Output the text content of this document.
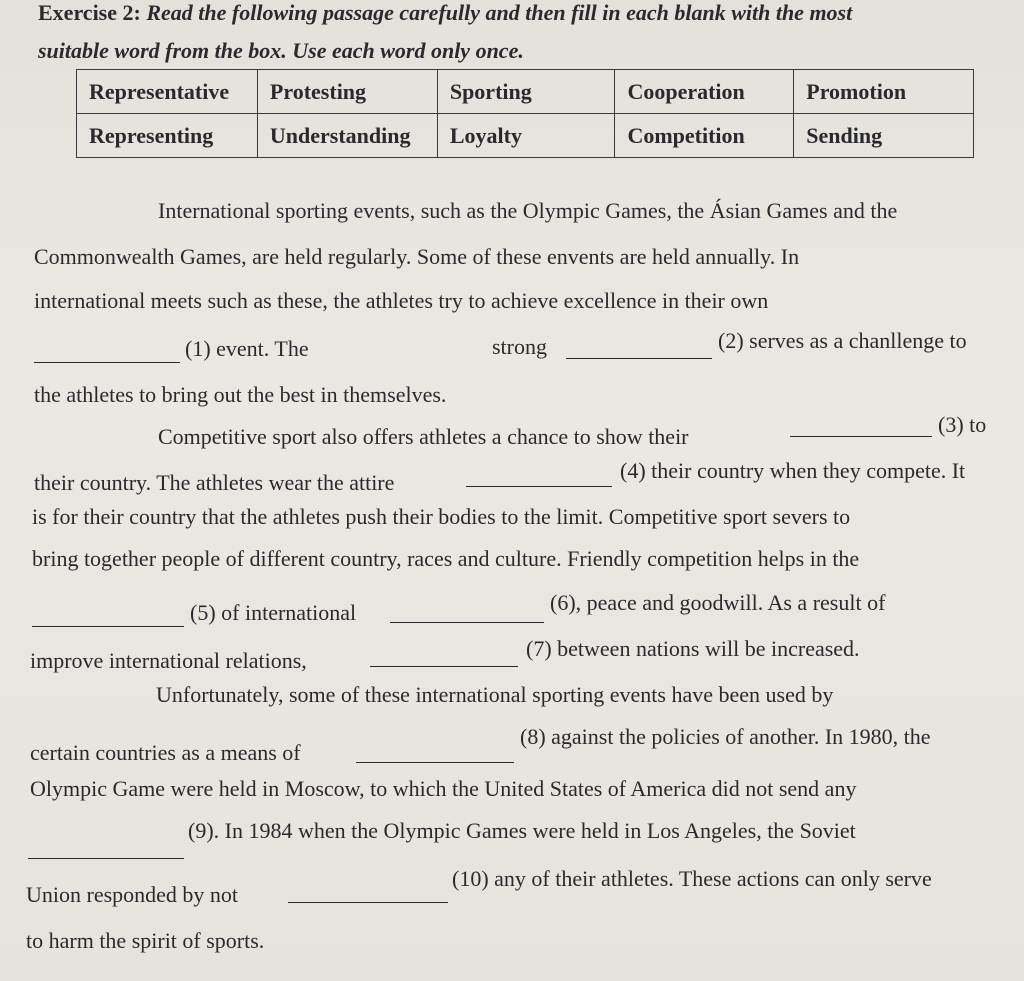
Exercise 2: Read the following passage carefully and then fill in each blank with the most
suitable word from the box. Use each word only once.
Representative	Protesting	Sporting	Cooperation	Promotion
Representing	Understanding	Loyalty	Competition	Sending
International sporting events, such as the Olympic Games, the Ásian Games and the
Commonwealth Games, are held regularly. Some of these envents are held annually. In
international meets such as these, the athletes try to achieve excellence in their own
(1) event. The	strong	(2) serves as a chanllenge to
the athletes to bring out the best in themselves.
Competitive sport also offers athletes a chance to show their	(3) to
their country. The athletes wear the attire	(4) their country when they compete. It
is for their country that the athletes push their bodies to the limit. Competitive sport severs to
bring together people of different country, races and culture. Friendly competition helps in the
(5) of international	(6), peace and goodwill. As a result of
improve international relations,	(7) between nations will be increased.
Unfortunately, some of these international sporting events have been used by
certain countries as a means of
(8) against the policies of another. In 1980, the
Olympic Game were held in Moscow, to which the United States of America did not send any
(9). In 1984 when the Olympic Games were held in Los Angeles, the Soviet
Union responded by not
(10) any of their athletes. These actions can only serve
to harm the spirit of sports.
